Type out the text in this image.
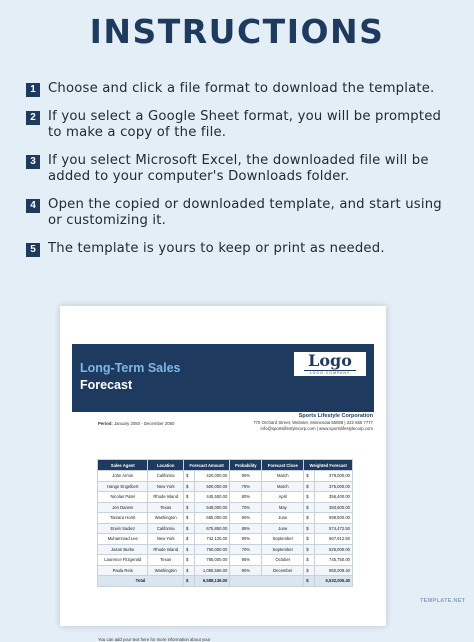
INSTRUCTIONS
1 Choose and click a file format to download the template.
2 If you select a Google Sheet format, you will be prompted to make a copy of the file.
3 If you select Microsoft Excel, the downloaded file will be added to your computer's Downloads folder.
4 Open the copied or downloaded template, and start using or customizing it.
5 The template is yours to keep or print as needed.
Long-Term Sales
Forecast
Logo
LOGO COMPANY
Sports Lifestyle Corporation
770 Orchard Street, Webster, Minnesota 55088 | 222 555 7777
info@sportslifestylecorp.com | www.sportslifestylecorp.com
Period: January 2050 - December 2050
Sales Agent	Location	Forecast Amount		Probability	Forecast Close	Weighted Forecast	
John Armin	California	$	420,000.00	90%	March	$	378,000.00
Hange Engelbert	New York	$	500,000.00	75%	March	$	375,000.00
Nicolas Patel	Rhode Island	$	445,500.00	80%	April	$	356,400.00
Jen Darwin	Texas	$	548,000.00	70%	May	$	383,600.00
Tamara Horst	Washington	$	665,000.00	90%	June	$	598,500.00
Erwin Sadiez	California	$	675,850.00	85%	June	$	574,472.50
Muhammad Lee	New York	$	742,125.00	90%	September	$	667,912.50
Jason Burke	Rhode Island	$	750,000.00	70%	September	$	525,000.00
Laurence Fitzgerald	Texas	$	785,000.00	95%	October	$	745,750.00
Paula Reis	Washington	$	1,055,566.00	90%	December	$	950,009.40
Total		$	6,588,136.00			$	5,532,000.40
You can add your text here for more information about your
TEMPLATE.NET
